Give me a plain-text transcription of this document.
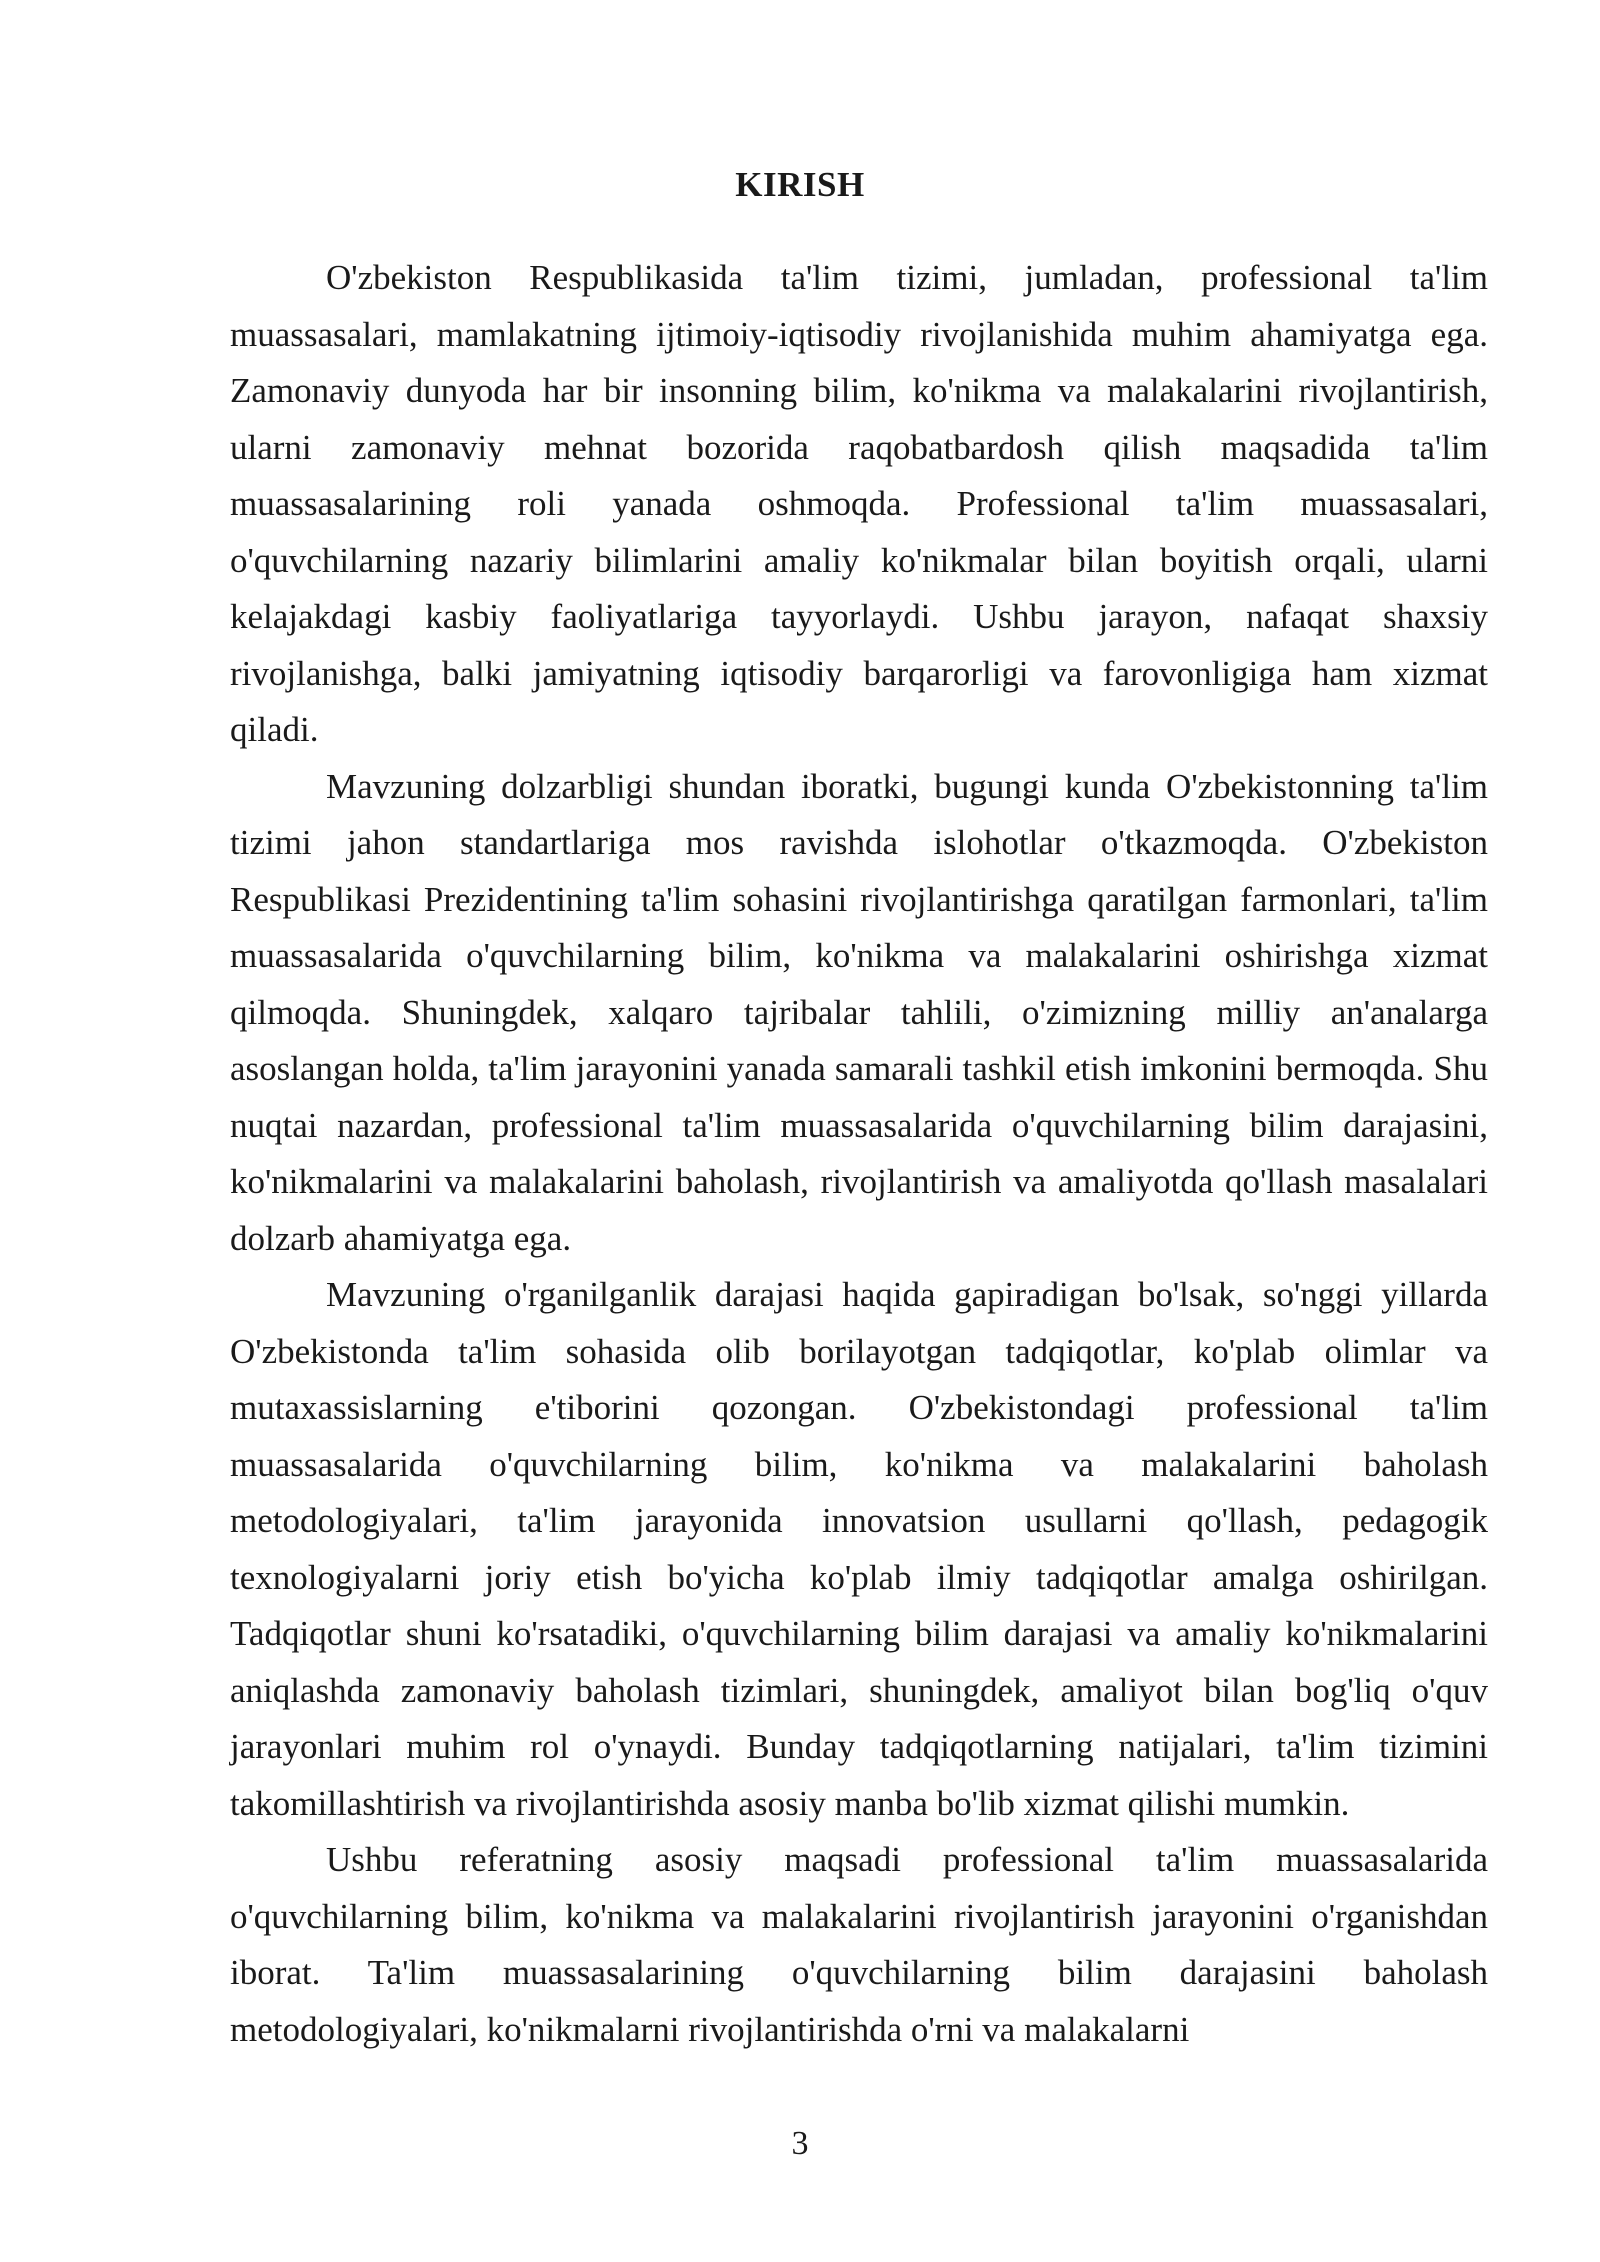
KIRISH

O'zbekiston Respublikasida ta'lim tizimi, jumladan, professional ta'lim muassasalari, mamlakatning ijtimoiy-iqtisodiy rivojlanishida muhim ahamiyatga ega. Zamonaviy dunyoda har bir insonning bilim, ko'nikma va malakalarini rivojlantirish, ularni zamonaviy mehnat bozorida raqobatbardosh qilish maqsadida ta'lim muassasalarining roli yanada oshmoqda. Professional ta'lim muassasalari, o'quvchilarning nazariy bilimlarini amaliy ko'nikmalar bilan boyitish orqali, ularni kelajakdagi kasbiy faoliyatlariga tayyorlaydi. Ushbu jarayon, nafaqat shaxsiy rivojlanishga, balki jamiyatning iqtisodiy barqarorligi va farovonligiga ham xizmat qiladi.

Mavzuning dolzarbligi shundan iboratki, bugungi kunda O'zbekistonning ta'lim tizimi jahon standartlariga mos ravishda islohotlar o'tkazmoqda. O'zbekiston Respublikasi Prezidentining ta'lim sohasini rivojlantirishga qaratilgan farmonlari, ta'lim muassasalarida o'quvchilarning bilim, ko'nikma va malakalarini oshirishga xizmat qilmoqda. Shuningdek, xalqaro tajribalar tahlili, o'zimizning milliy an'analarga asoslangan holda, ta'lim jarayonini yanada samarali tashkil etish imkonini bermoqda. Shu nuqtai nazardan, professional ta'lim muassasalarida o'quvchilarning bilim darajasini, ko'nikmalarini va malakalarini baholash, rivojlantirish va amaliyotda qo'llash masalalari dolzarb ahamiyatga ega.

Mavzuning o'rganilganlik darajasi haqida gapiradigan bo'lsak, so'nggi yillarda O'zbekistonda ta'lim sohasida olib borilayotgan tadqiqotlar, ko'plab olimlar va mutaxassislarning e'tiborini qozongan. O'zbekistondagi professional ta'lim muassasalarida o'quvchilarning bilim, ko'nikma va malakalarini baholash metodologiyalari, ta'lim jarayonida innovatsion usullarni qo'llash, pedagogik texnologiyalarni joriy etish bo'yicha ko'plab ilmiy tadqiqotlar amalga oshirilgan. Tadqiqotlar shuni ko'rsatadiki, o'quvchilarning bilim darajasi va amaliy ko'nikmalarini aniqlashda zamonaviy baholash tizimlari, shuningdek, amaliyot bilan bog'liq o'quv jarayonlari muhim rol o'ynaydi. Bunday tadqiqotlarning natijalari, ta'lim tizimini takomillashtirish va rivojlantirishda asosiy manba bo'lib xizmat qilishi mumkin.

Ushbu referatning asosiy maqsadi professional ta'lim muassasalarida o'quvchilarning bilim, ko'nikma va malakalarini rivojlantirish jarayonini o'rganishdan iborat. Ta'lim muassasalarining o'quvchilarning bilim darajasini baholash metodologiyalari, ko'nikmalarni rivojlantirishda o'rni va malakalarni

3
